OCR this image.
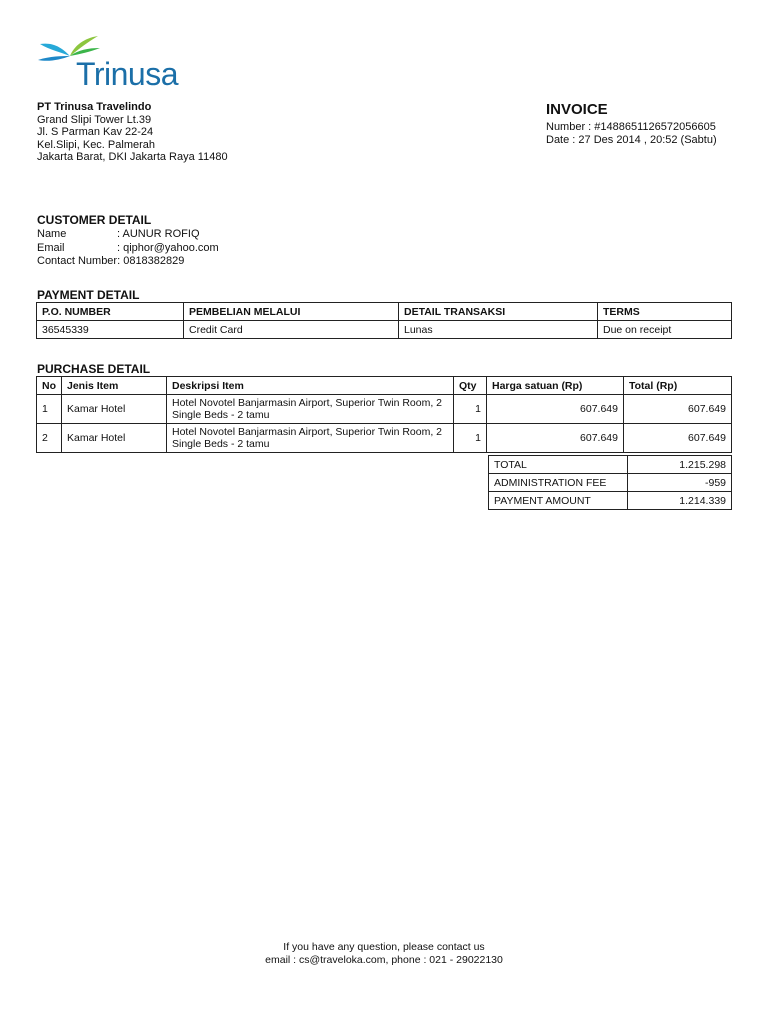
Trinusa
PT Trinusa Travelindo
Grand Slipi Tower Lt.39
Jl. S Parman Kav 22-24
Kel.Slipi, Kec. Palmerah
Jakarta Barat, DKI Jakarta Raya 11480
INVOICE
Number : #1488651126572056605
Date : 27 Des 2014 , 20:52 (Sabtu)
CUSTOMER DETAIL
Name	: AUNUR ROFIQ
Email	: qiphor@yahoo.com
Contact Number : 0818382829
PAYMENT DETAIL
P.O. NUMBER	PEMBELIAN MELALUI	DETAIL TRANSAKSI	TERMS
36545339	Credit Card	Lunas	Due on receipt
PURCHASE DETAIL
No	Jenis Item	Deskripsi Item	Qty	Harga satuan (Rp)	Total (Rp)
1	Kamar Hotel	Hotel Novotel Banjarmasin Airport, Superior Twin Room, 2 Single Beds - 2 tamu	1	607.649	607.649
2	Kamar Hotel	Hotel Novotel Banjarmasin Airport, Superior Twin Room, 2 Single Beds - 2 tamu	1	607.649	607.649
TOTAL	1.215.298
ADMINISTRATION FEE	-959
PAYMENT AMOUNT	1.214.339
If you have any question, please contact us
email : cs@traveloka.com, phone : 021 - 29022130
